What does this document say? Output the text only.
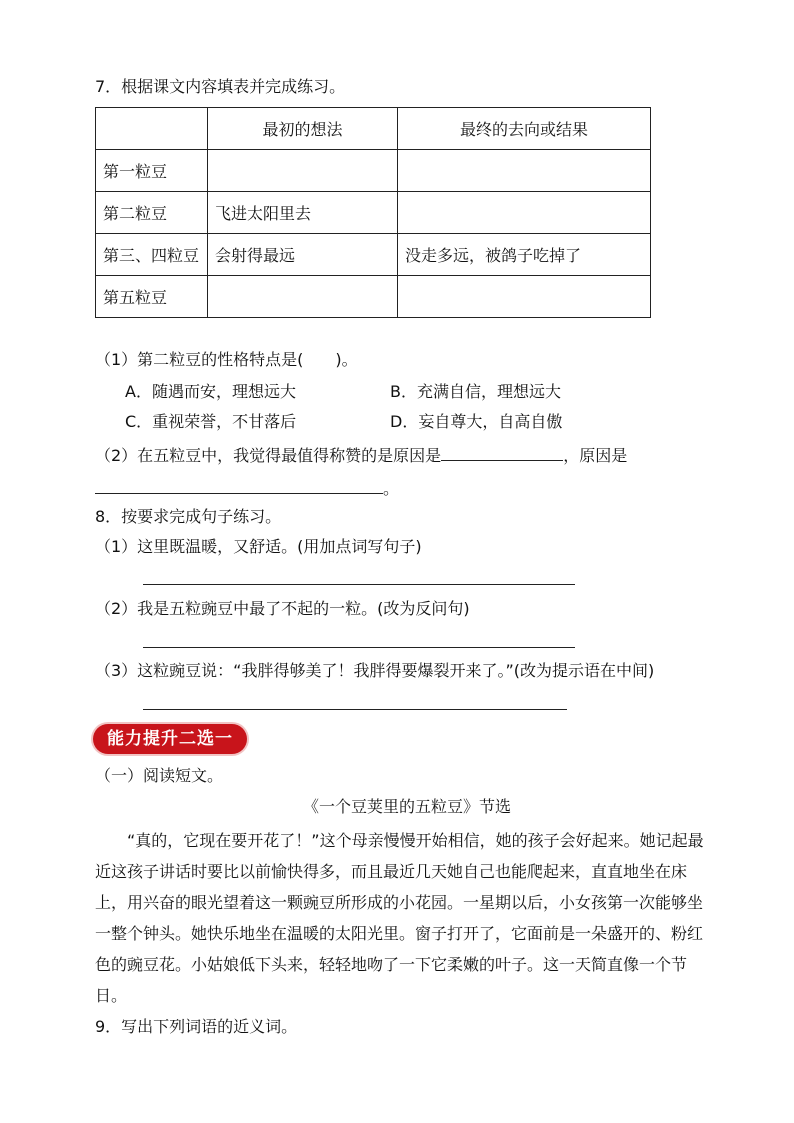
7．根据课文内容填表并完成练习。
	最初的想法	最终的去向或结果
第一粒豆		
第二粒豆	飞进太阳里去	
第三、四粒豆	会射得最远	没走多远，被鸽子吃掉了
第五粒豆		
（1）第二粒豆的性格特点是(　　)。
A．随遇而安，理想远大	B．充满自信，理想远大
C．重视荣誉，不甘落后	D．妄自尊大，自高自傲
（2）在五粒豆中，我觉得最值得称赞的是原因是	，原因是
。
8．按要求完成句子练习。
（1）这里既温暖，又舒适。(用加点词写句子)
（2）我是五粒豌豆中最了不起的一粒。(改为反问句)
（3）这粒豌豆说：“我胖得够美了！我胖得要爆裂开来了。”(改为提示语在中间)
能力提升二选一
（一）阅读短文。
《一个豆荚里的五粒豆》节选
“真的，它现在要开花了！”这个母亲慢慢开始相信，她的孩子会好起来。她记起最近这孩子讲话时要比以前愉快得多，而且最近几天她自己也能爬起来，直直地坐在床上，用兴奋的眼光望着这一颗豌豆所形成的小花园。一星期以后，小女孩第一次能够坐一整个钟头。她快乐地坐在温暖的太阳光里。窗子打开了，它面前是一朵盛开的、粉红色的豌豆花。小姑娘低下头来，轻轻地吻了一下它柔嫩的叶子。这一天简直像一个节日。
9．写出下列词语的近义词。
